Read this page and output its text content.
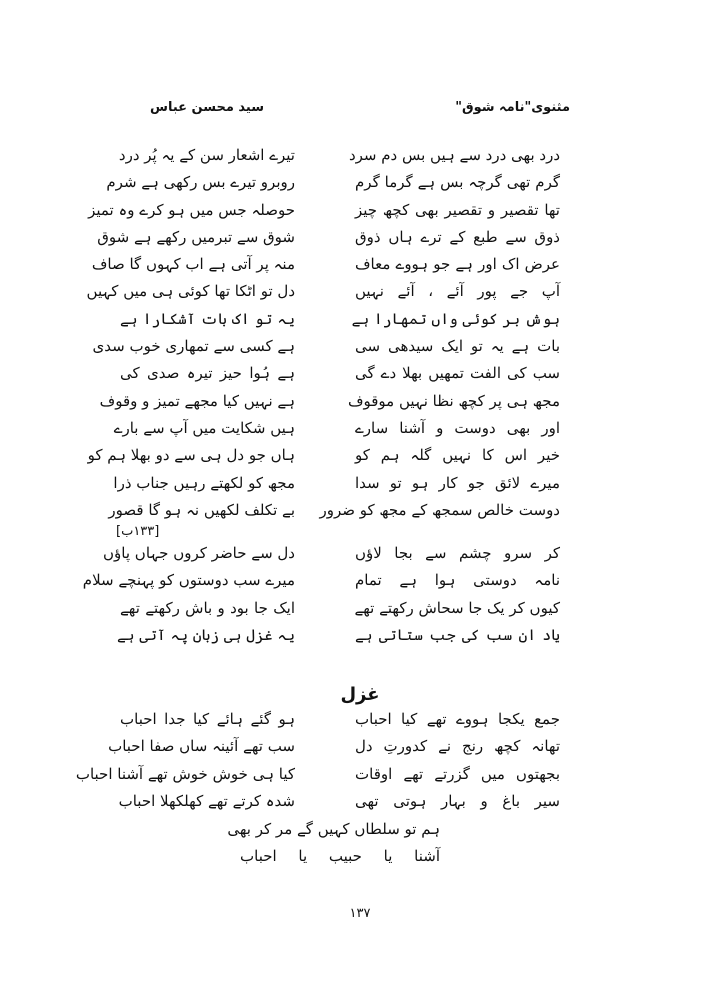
مثنوی"نامہ شوق"
سید محسن عباس
درد بھی درد سے ہیں بس دم سرد
تیرے اشعار سن کے یہ پُر درد
گرم تھی گرچہ بس ہے گرما گرم
روبرو تیرے بس رکھی ہے شرم
تھا تقصیر و تقصیر بھی کچھ چیز
حوصلہ جس میں ہو کرے وہ تمیز
ذوق سے طبع کے ترے ہاں ذوق
شوق سے تبرمیں رکھے ہے شوق
عرض اک اور ہے جو ہووے معاف
منہ پر آتی ہے اب کہوں گا صاف
آپ جے پور آئے ، آئے نہیں
دل تو اٹکا تھا کوئی ہی میں کہیں
ہوش بر کوئی واں تمھارا ہے
یہ تو اک بات آشکارا ہے
بات ہے یہ تو ایک سیدھی سی
ہے کسی سے تمھاری خوب سدی
سب کی الفت تمھیں بھلا دے گی
ہے ہُوا حیز تیرہ صدی کی
مجھ ہی پر کچھ نظا نہیں موقوف
ہے نہیں کیا مجھے تمیز و وقوف
اور بھی دوست و آشنا سارے
ہیں شکایت میں آپ سے بارے
خیر اس کا نہیں گلہ ہم کو
ہاں جو دل ہی سے دو بھلا ہم کو
میرے لائق جو کار ہو تو سدا
مجھ کو لکھتے رہیں جناب ذرا
دوست خالص سمجھ کے مجھ کو ضرور
بے تکلف لکھیں نہ ہو گا قصور
[۱۳۳ب]
کر سرو چشم سے بجا لاؤں
دل سے حاضر کروں جہاں پاؤں
نامہ دوستی ہوا ہے تمام
میرے سب دوستوں کو پہنچے سلام
کیوں کر یک جا سحاش رکھتے تھے
ایک جا بود و باش رکھتے تھے
یاد ان سب کی جب ستاتی ہے
یہ غزل ہی زبان پہ آتی ہے
غزل
جمع یکجا ہووے تھے کیا احباب
ہو گئے ہائے کیا جدا احباب
تھانہ کچھ رنج نے کدورتِ دل
سب تھے آئینہ ساں صفا احباب
بجھتوں میں گزرتے تھے اوقات
کیا ہی خوش خوش تھے آشنا احباب
سیر باغ و بہار ہوتی تھی
شدہ کرتے تھے کھلکھلا احباب
ہم تو سلطاں کہیں گے مر کر بھی
آشنا یا حبیب یا احباب
۱۳۷
